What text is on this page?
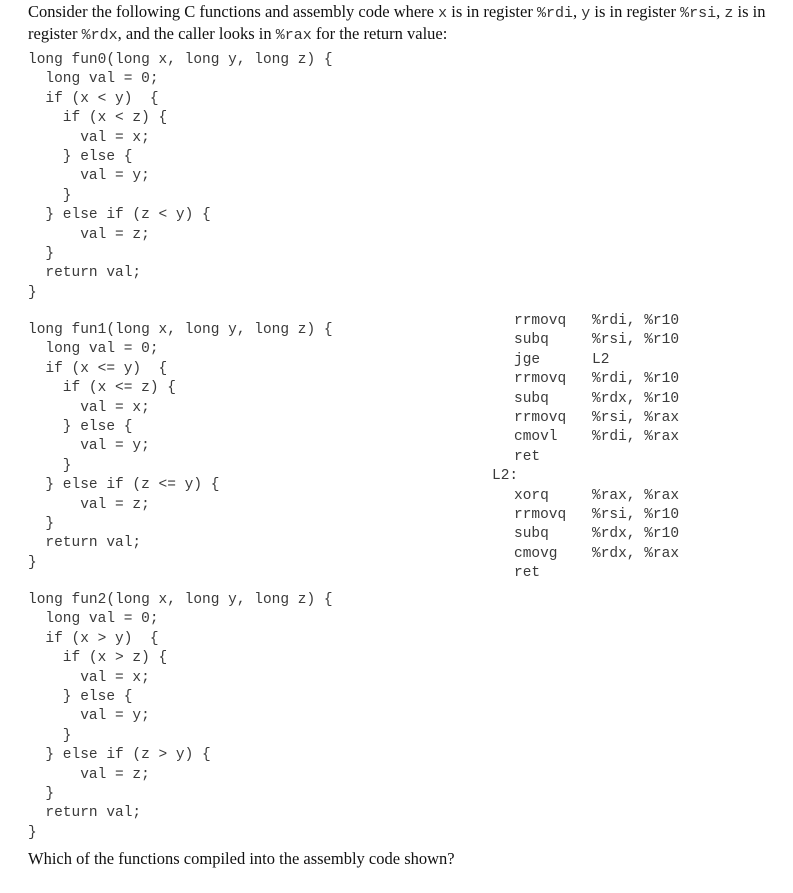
Consider the following C functions and assembly code where x is in register %rdi, y is in register %rsi, z is in register %rdx, and the caller looks in %rax for the return value:
long fun0(long x, long y, long z) {
long val = 0;
if (x < y)  {
if (x < z) {
val = x;
} else {
val = y;
}
} else if (z < y) {
val = z;
}
return val;
}
long fun1(long x, long y, long z) {
long val = 0;
if (x <= y)  {
if (x <= z) {
val = x;
} else {
val = y;
}
} else if (z <= y) {
val = z;
}
return val;
}
long fun2(long x, long y, long z) {
long val = 0;
if (x > y)  {
if (x > z) {
val = x;
} else {
val = y;
}
} else if (z > y) {
val = z;
}
return val;
}
rrmovq	%rdi, %r10
subq	%rsi, %r10
jge	L2
rrmovq	%rdi, %r10
subq	%rdx, %r10
rrmovq	%rsi, %rax
cmovl	%rdi, %rax
ret
L2:
xorq	%rax, %rax
rrmovq	%rsi, %r10
subq	%rdx, %r10
cmovg	%rdx, %rax
ret
Which of the functions compiled into the assembly code shown?
